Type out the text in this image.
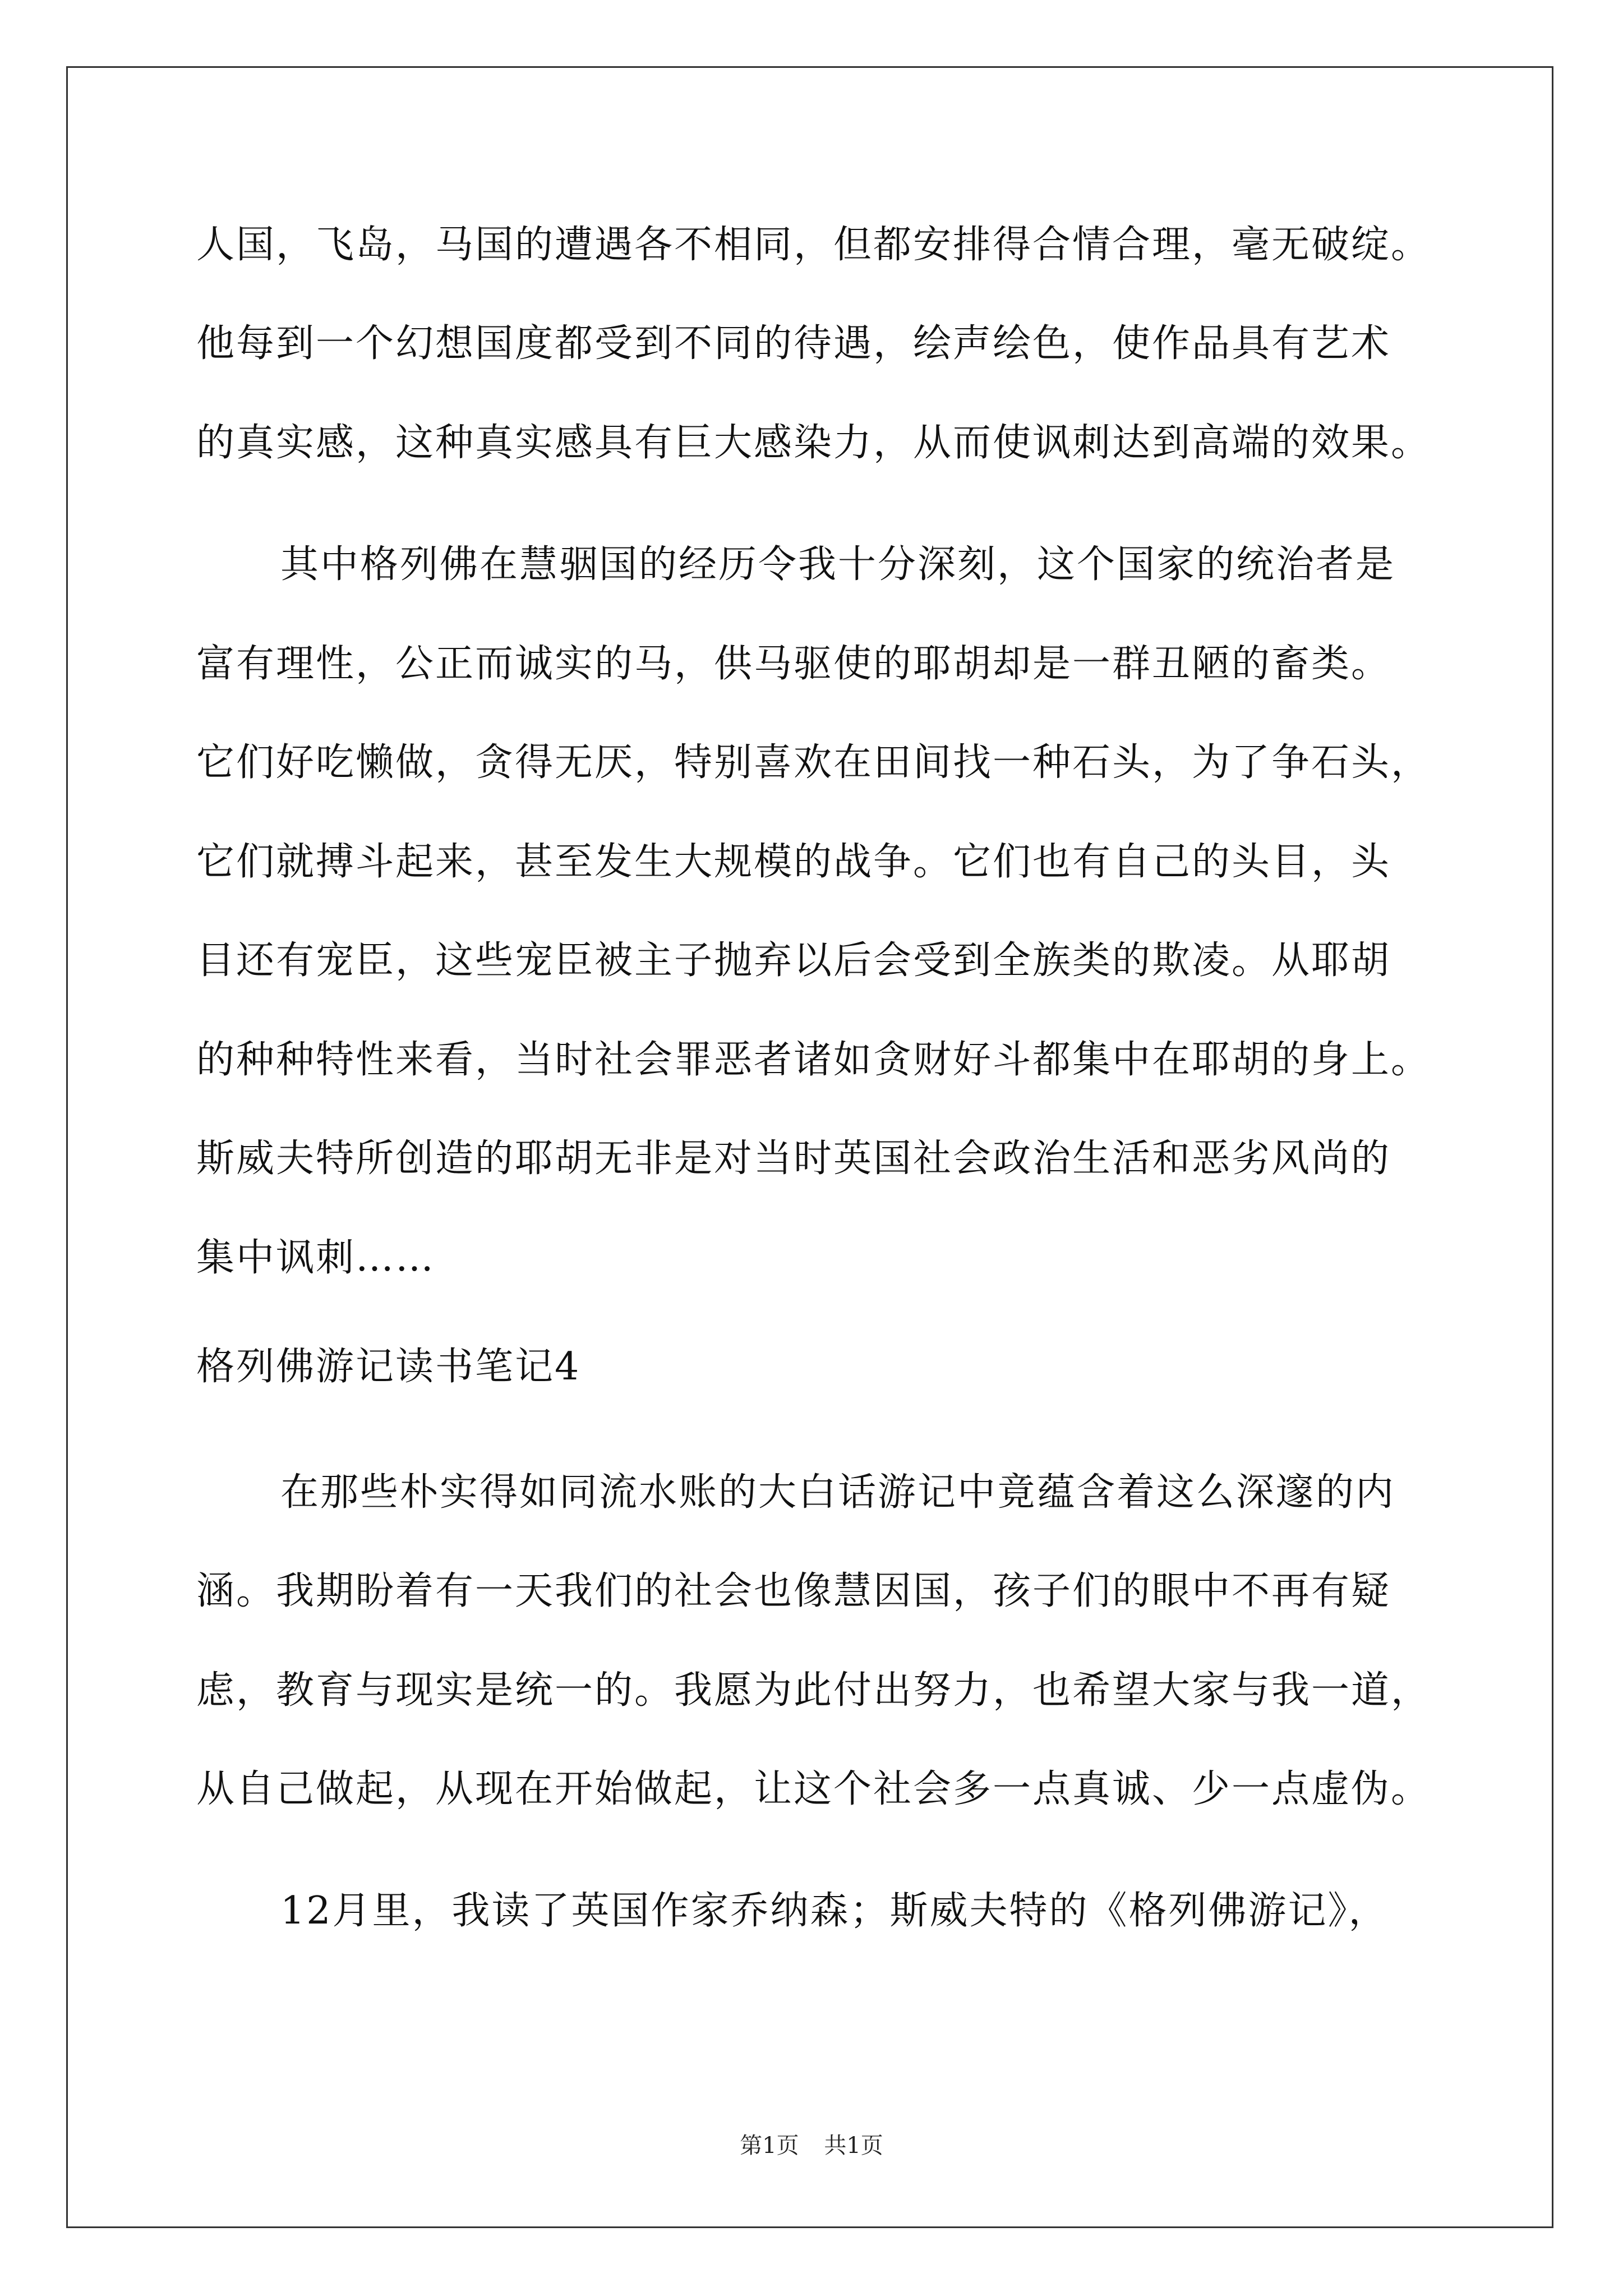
人国，飞岛，马国的遭遇各不相同，但都安排得合情合理，毫无破绽。
他每到一个幻想国度都受到不同的待遇，绘声绘色，使作品具有艺术
的真实感，这种真实感具有巨大感染力，从而使讽刺达到高端的效果。
其中格列佛在慧骃国的经历令我十分深刻，这个国家的统治者是
富有理性，公正而诚实的马，供马驱使的耶胡却是一群丑陋的畜类。
它们好吃懒做，贪得无厌，特别喜欢在田间找一种石头，为了争石头，
它们就搏斗起来，甚至发生大规模的战争。它们也有自己的头目，头
目还有宠臣，这些宠臣被主子抛弃以后会受到全族类的欺凌。从耶胡
的种种特性来看，当时社会罪恶者诸如贪财好斗都集中在耶胡的身上。
斯威夫特所创造的耶胡无非是对当时英国社会政治生活和恶劣风尚的
集中讽刺……
格列佛游记读书笔记4
在那些朴实得如同流水账的大白话游记中竟蕴含着这么深邃的内
涵。我期盼着有一天我们的社会也像慧因国，孩子们的眼中不再有疑
虑，教育与现实是统一的。我愿为此付出努力，也希望大家与我一道，
从自己做起，从现在开始做起，让这个社会多一点真诚、少一点虚伪。
12月里，我读了英国作家乔纳森；斯威夫特的《格列佛游记》，
第1页 共1页
